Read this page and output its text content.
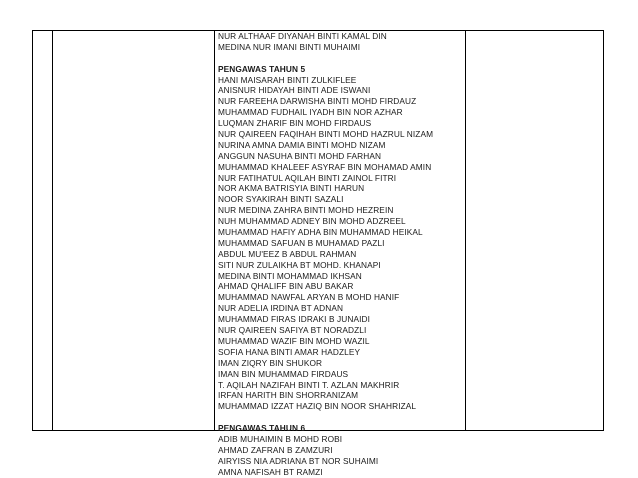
NUR ALTHAAF DIYANAH BINTI KAMAL DIN
MEDINA NUR IMANI BINTI MUHAIMI
PENGAWAS TAHUN 5
HANI MAISARAH BINTI ZULKIFLEE
ANISNUR HIDAYAH BINTI ADE ISWANI
NUR FAREEHA DARWISHA BINTI MOHD FIRDAUZ
MUHAMMAD FUDHAIL IYADH BIN NOR AZHAR
LUQMAN ZHARIF BIN MOHD FIRDAUS
NUR QAIREEN FAQIHAH BINTI MOHD HAZRUL NIZAM
NURINA AMNA DAMIA BINTI MOHD NIZAM
ANGGUN NASUHA BINTI MOHD FARHAN
MUHAMMAD KHALEEF ASYRAF BIN MOHAMAD AMIN
NUR FATIHATUL AQILAH BINTI ZAINOL FITRI
NOR AKMA BATRISYIA BINTI HARUN
NOOR SYAKIRAH BINTI SAZALI
NUR MEDINA ZAHRA BINTI MOHD HEZREIN
NUH MUHAMMAD ADNEY BIN MOHD ADZREEL
MUHAMMAD HAFIY ADHA BIN MUHAMMAD HEIKAL
MUHAMMAD SAFUAN B MUHAMAD PAZLI
ABDUL MU'EEZ B ABDUL RAHMAN
SITI NUR ZULAIKHA BT MOHD. KHANAPI
MEDINA BINTI MOHAMMAD IKHSAN
AHMAD QHALIFF BIN ABU BAKAR
MUHAMMAD NAWFAL ARYAN B MOHD HANIF
NUR ADELIA IRDINA BT ADNAN
MUHAMMAD FIRAS IDRAKI B JUNAIDI
NUR QAIREEN SAFIYA BT NORADZLI
MUHAMMAD WAZIF BIN MOHD WAZIL
SOFIA HANA BINTI AMAR HADZLEY
IMAN ZIQRY BIN SHUKOR
IMAN BIN MUHAMMAD FIRDAUS
T. AQILAH NAZIFAH BINTI T. AZLAN MAKHRIR
IRFAN HARITH BIN SHORRANIZAM
MUHAMMAD IZZAT HAZIQ BIN NOOR SHAHRIZAL
PENGAWAS TAHUN 6
ADIB MUHAIMIN B MOHD ROBI
AHMAD ZAFRAN B ZAMZURI
AIRYISS NIA ADRIANA BT NOR SUHAIMI
AMNA NAFISAH BT RAMZI
